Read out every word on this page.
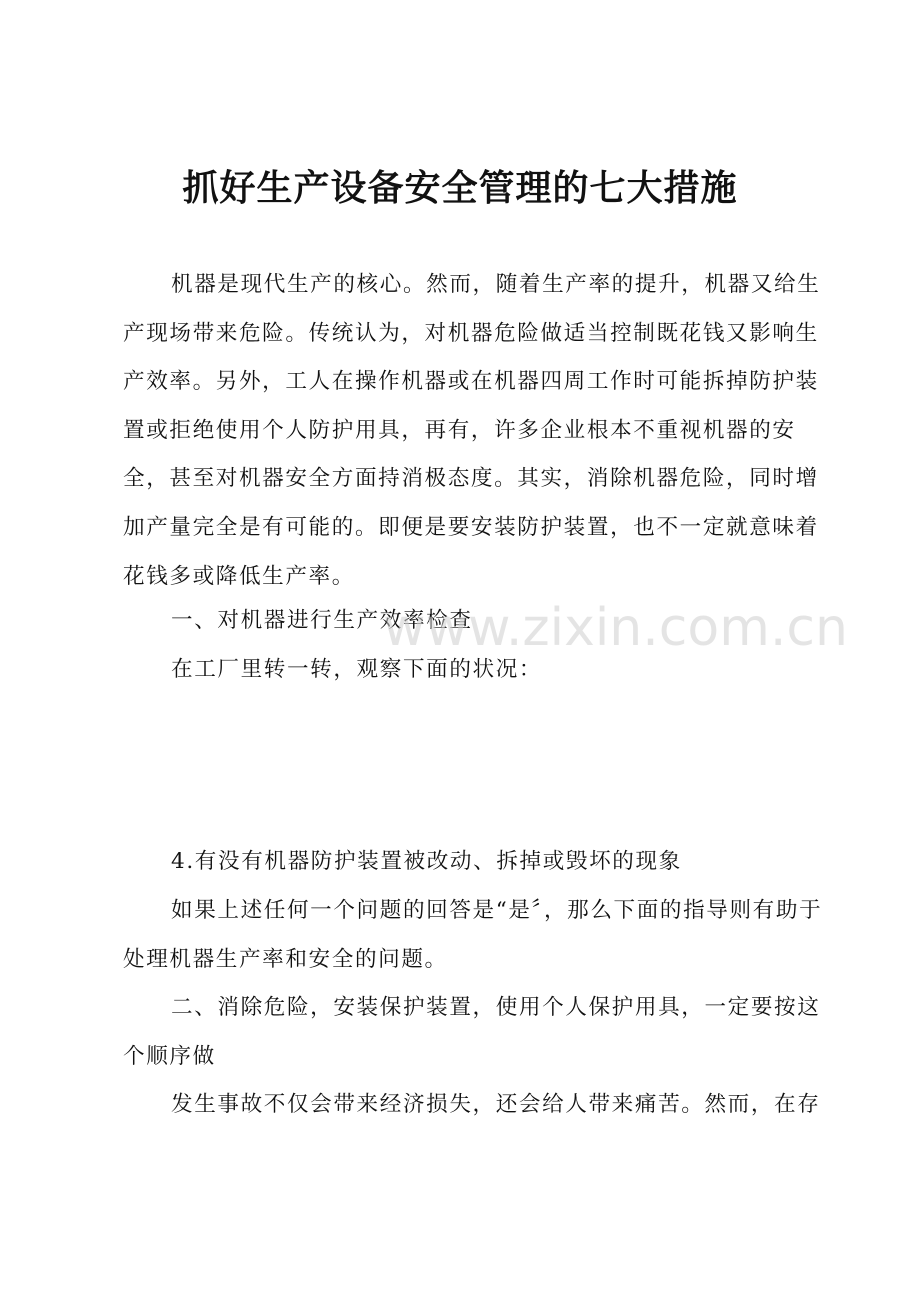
抓好生产设备安全管理的七大措施

机器是现代生产的核心。然而，随着生产率的提升，机器又给生产现场带来危险。传统认为，对机器危险做适当控制既花钱又影响生产效率。另外，工人在操作机器或在机器四周工作时可能拆掉防护装置或拒绝使用个人防护用具，再有，许多企业根本不重视机器的安全，甚至对机器安全方面持消极态度。其实，消除机器危险，同时增加产量完全是有可能的。即便是要安装防护装置，也不一定就意味着花钱多或降低生产率。

一、对机器进行生产效率检查

在工厂里转一转，观察下面的状况：

4.有没有机器防护装置被改动、拆掉或毁坏的现象

如果上述任何一个问题的回答是“是〞，那么下面的指导则有助于处理机器生产率和安全的问题。

二、消除危险，安装保护装置，使用个人保护用具，一定要按这个顺序做

发生事故不仅会带来经济损失，还会给人带来痛苦。然而，在存

www.zixin.com.cn
